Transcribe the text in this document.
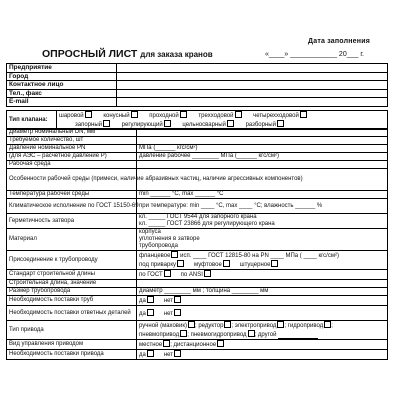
Дата заполнения
«____» ____________ 20___ г.
ОПРОСНЫЙ ЛИСТ для заказа кранов
Предприятие	
Город	
Контактное лицо	
Тел., факс	
E-mail	
Тип клапана:	шаровой	конусный	проходной	трехходовой	четырехходовой
запорный	регулирующий	цельносварный	разборный
Диаметр номинальный DN, мм	
Требуемое количество, шт	
Давление номинальное PN	МПа (______ кгс/см²)
(для АЭС – расчетное давление P)	давление рабочее ________ МПа (______ кгс/см²)
Рабочая среда	
Особенности рабочей среды (примеси, наличие абразивных частиц, наличие агрессивных компонентов)	
Температура рабочей среды	min ______ °C, max ______ °C
Климатическое исполнение по ГОСТ 15150-69	при температуре: min ____ °C, max ____ °C; влажность ______ %
Герметичность затвора	кл. _____ ГОСТ 9544 для запорного крана
кл. _____ ГОСТ 23866 для регулирующего крана

Материал	корпуса
уплотнения в затворе
трубопровода

Присоединение к трубопроводу	фланцевое исп. ____ ГОСТ 12815-80 на PN ____ МПа ( ____ кгс/см²)
под приварку муфтовое штуцерное

Стандарт строительной длины	по ГОСТ по ANSI
Строительная длина, значение	
Размер трубопровода	диаметр ________ мм ; толщина ________ мм
Необходимость поставки труб	да нет
Необходимость поставки ответных деталей	да нет
Тип привода	ручной (маховик) ; редуктор ; электропривод ; гидропривод ;
пневмопривод ; пневмогидропривод ; другой

Вид управления приводом	местное ; дистанционное
Необходимость поставки привода	да нет
